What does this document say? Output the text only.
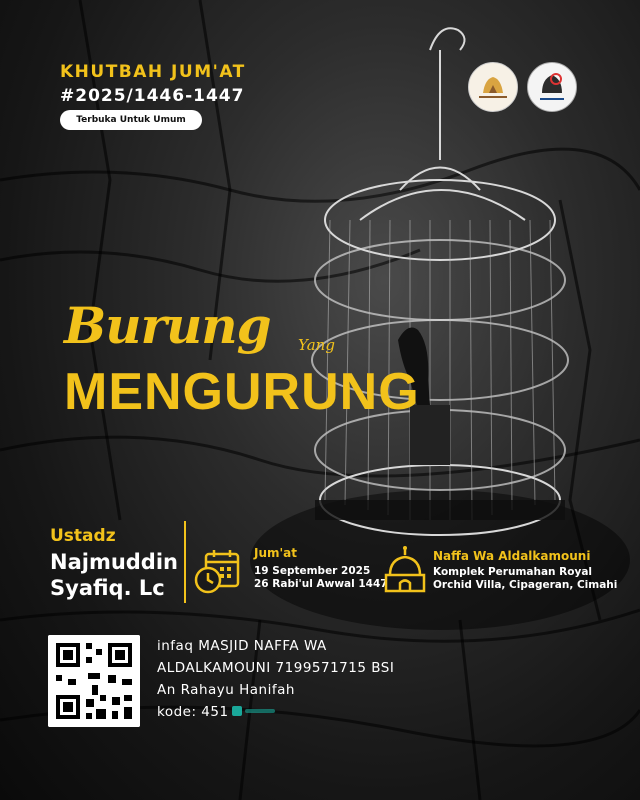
KHUTBAH JUM'AT
#2025/1446-1447
Terbuka Untuk Umum
Burung Yang
MENGURUNG
Ustadz
Najmuddin
Syafiq. Lc
Jum'at
19 September 2025
26 Rabi'ul Awwal 1447
Naffa Wa Aldalkamouni
Komplek Perumahan Royal
Orchid Villa, Cipageran, Cimahi
infaq MASJID NAFFA WA
ALDALKAMOUNI 7199571715 BSI
An Rahayu Hanifah
kode: 451
